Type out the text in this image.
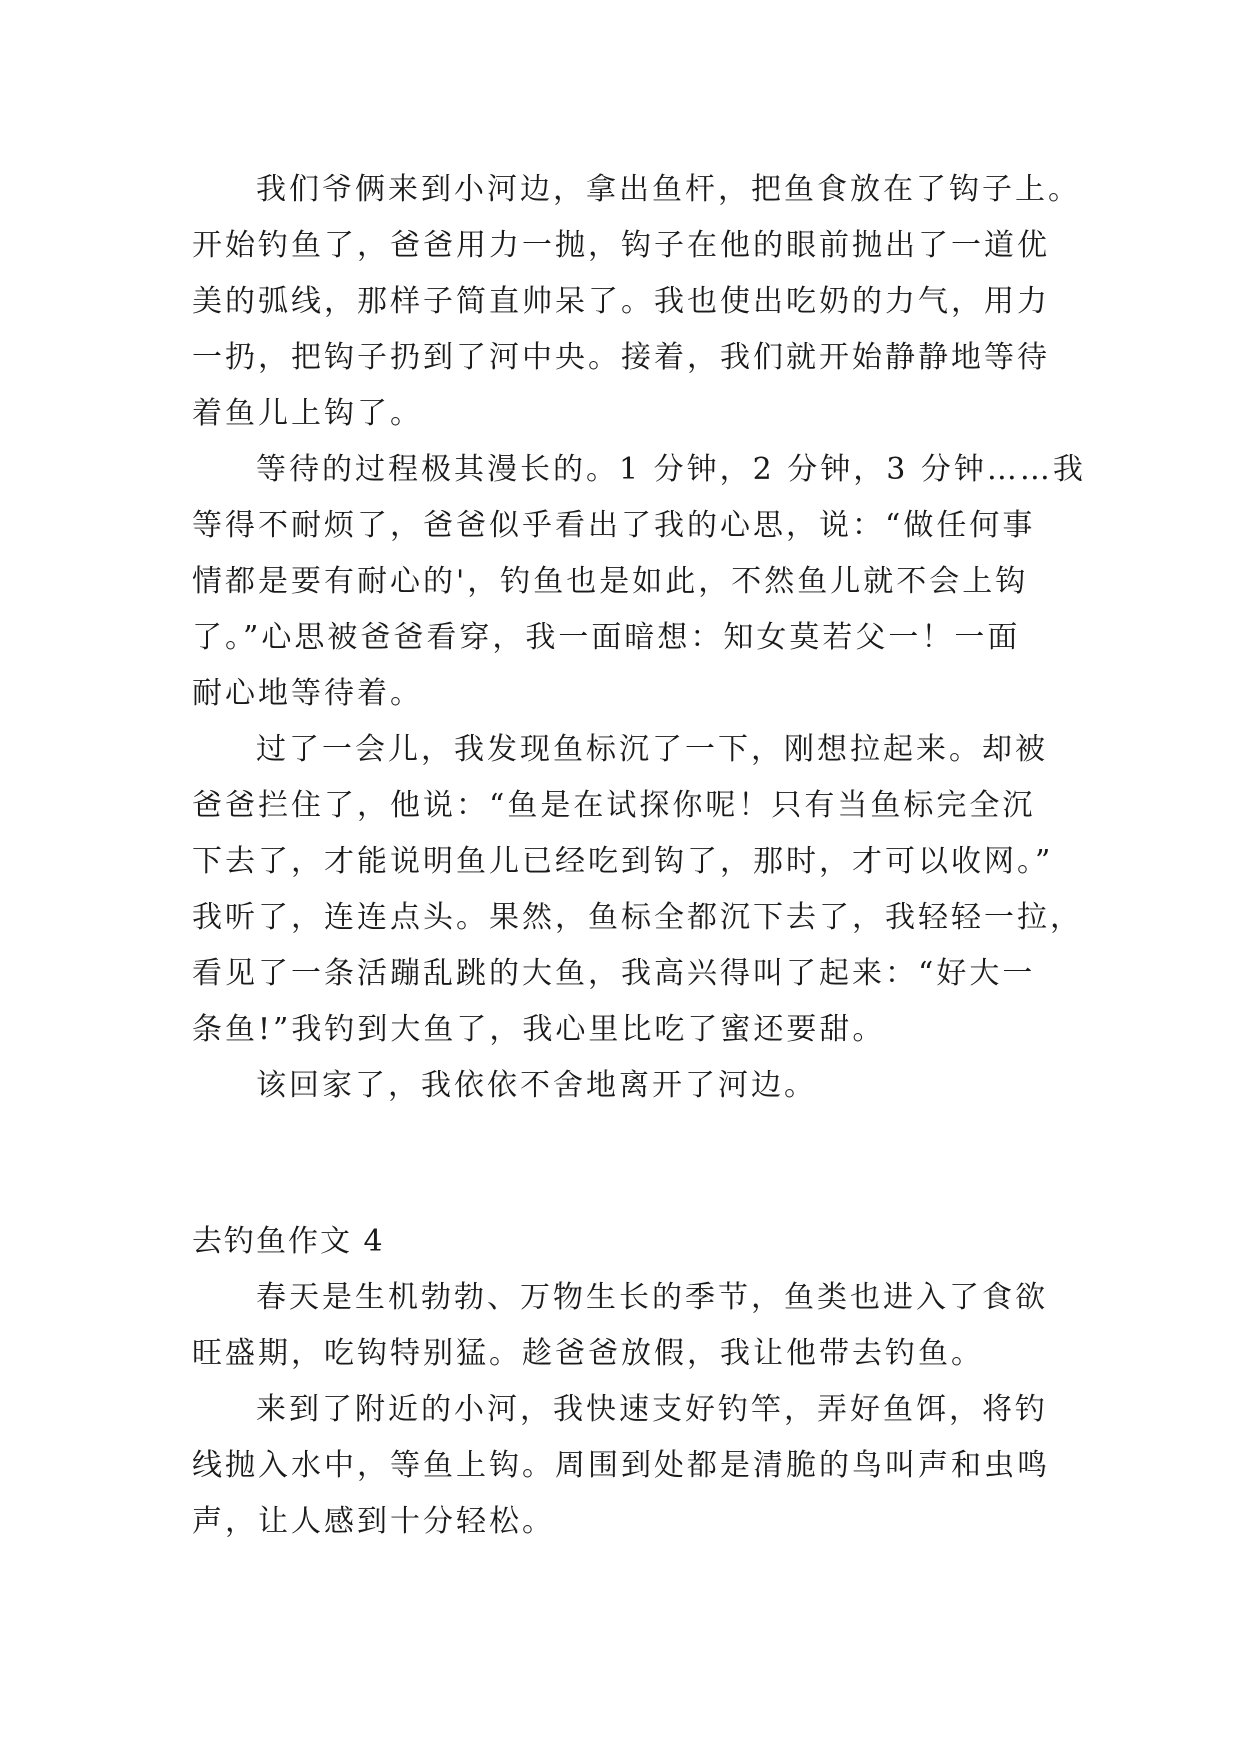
我们爷俩来到小河边，拿出鱼杆，把鱼食放在了钩子上。
开始钓鱼了，爸爸用力一抛，钩子在他的眼前抛出了一道优
美的弧线，那样子简直帅呆了。我也使出吃奶的力气，用力
一扔，把钩子扔到了河中央。接着，我们就开始静静地等待
着鱼儿上钩了。
等待的过程极其漫长的。1 分钟，2 分钟，3 分钟……我
等得不耐烦了，爸爸似乎看出了我的心思，说：“做任何事
情都是要有耐心的'，钓鱼也是如此，不然鱼儿就不会上钩
了。”心思被爸爸看穿，我一面暗想：知女莫若父一！一面
耐心地等待着。
过了一会儿，我发现鱼标沉了一下，刚想拉起来。却被
爸爸拦住了，他说：“鱼是在试探你呢！只有当鱼标完全沉
下去了，才能说明鱼儿已经吃到钩了，那时，才可以收网。”
我听了，连连点头。果然，鱼标全都沉下去了，我轻轻一拉，
看见了一条活蹦乱跳的大鱼，我高兴得叫了起来：“好大一
条鱼!”我钓到大鱼了，我心里比吃了蜜还要甜。
该回家了，我依依不舍地离开了河边。
去钓鱼作文 4
春天是生机勃勃、万物生长的季节，鱼类也进入了食欲
旺盛期，吃钩特别猛。趁爸爸放假，我让他带去钓鱼。
来到了附近的小河，我快速支好钓竿，弄好鱼饵，将钓
线抛入水中，等鱼上钩。周围到处都是清脆的鸟叫声和虫鸣
声，让人感到十分轻松。
